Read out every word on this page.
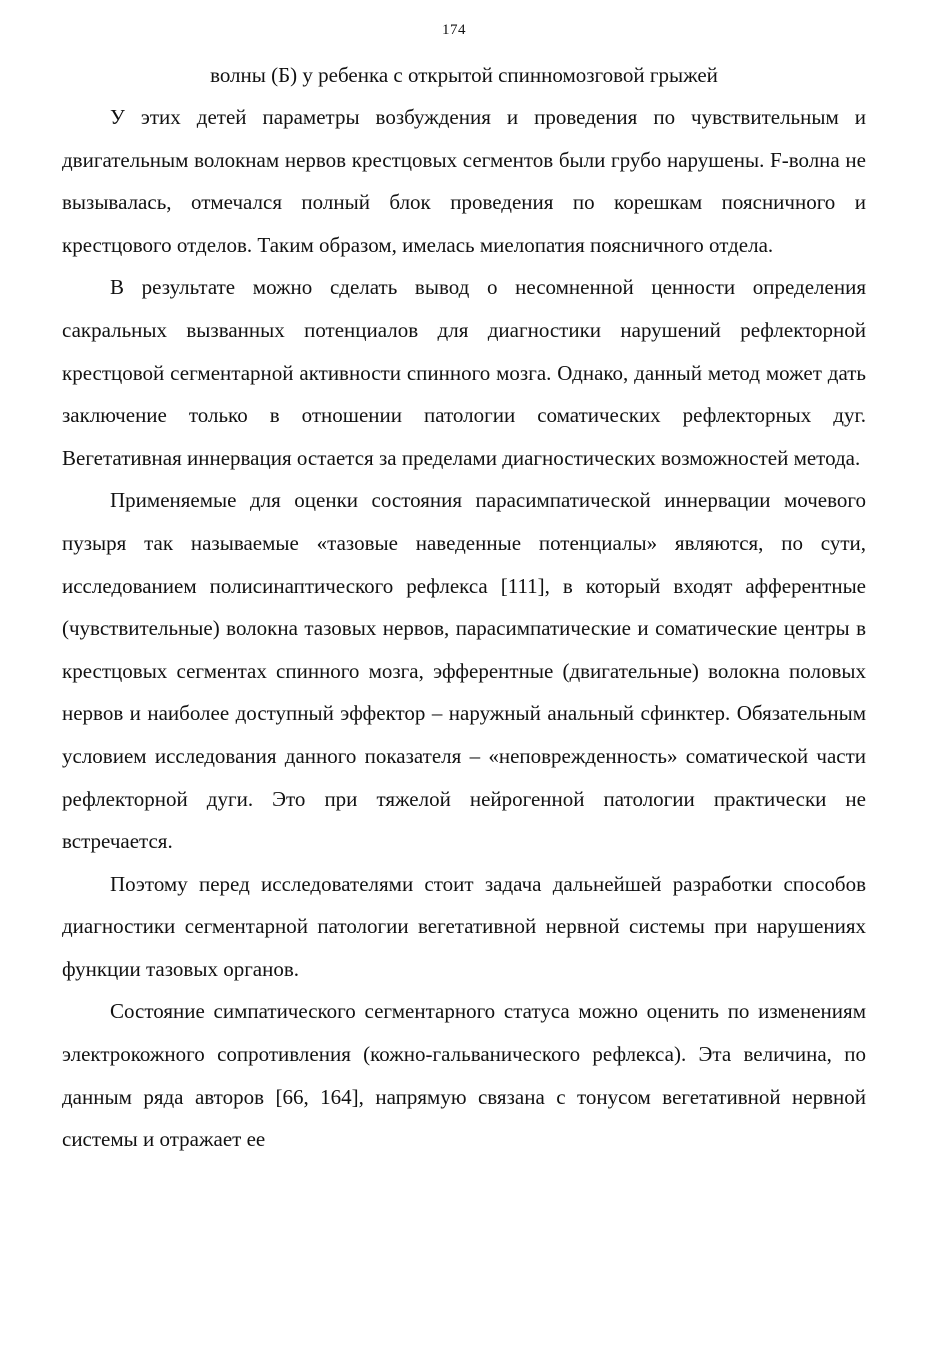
174
волны (Б) у ребенка с открытой спинномозговой грыжей

У этих детей параметры возбуждения и проведения по чувствительным и двигательным волокнам нервов крестцовых сегментов были грубо нарушены. F-волна не вызывалась, отмечался полный блок проведения по корешкам поясничного и крестцового отделов. Таким образом, имелась миелопатия поясничного отдела.

В результате можно сделать вывод о несомненной ценности определения сакральных вызванных потенциалов для диагностики нарушений рефлекторной крестцовой сегментарной активности спинного мозга. Однако, данный метод может дать заключение только в отношении патологии соматических рефлекторных дуг. Вегетативная иннервация остается за пределами диагностических возможностей метода.

Применяемые для оценки состояния парасимпатической иннервации мочевого пузыря так называемые «тазовые наведенные потенциалы» являются, по сути, исследованием полисинаптического рефлекса [111], в который входят афферентные (чувствительные) волокна тазовых нервов, парасимпатические и соматические центры в крестцовых сегментах спинного мозга, эфферентные (двигательные) волокна половых нервов и наиболее доступный эффектор – наружный анальный сфинктер. Обязательным условием исследования данного показателя – «неповрежденность» соматической части рефлекторной дуги. Это при тяжелой нейрогенной патологии практически не встречается.

Поэтому перед исследователями стоит задача дальнейшей разработки способов диагностики сегментарной патологии вегетативной нервной системы при нарушениях функции тазовых органов.

Состояние симпатического сегментарного статуса можно оценить по изменениям электрокожного сопротивления (кожно-гальванического рефлекса). Эта величина, по данным ряда авторов [66, 164], напрямую связана с тонусом вегетативной нервной системы и отражает ее
